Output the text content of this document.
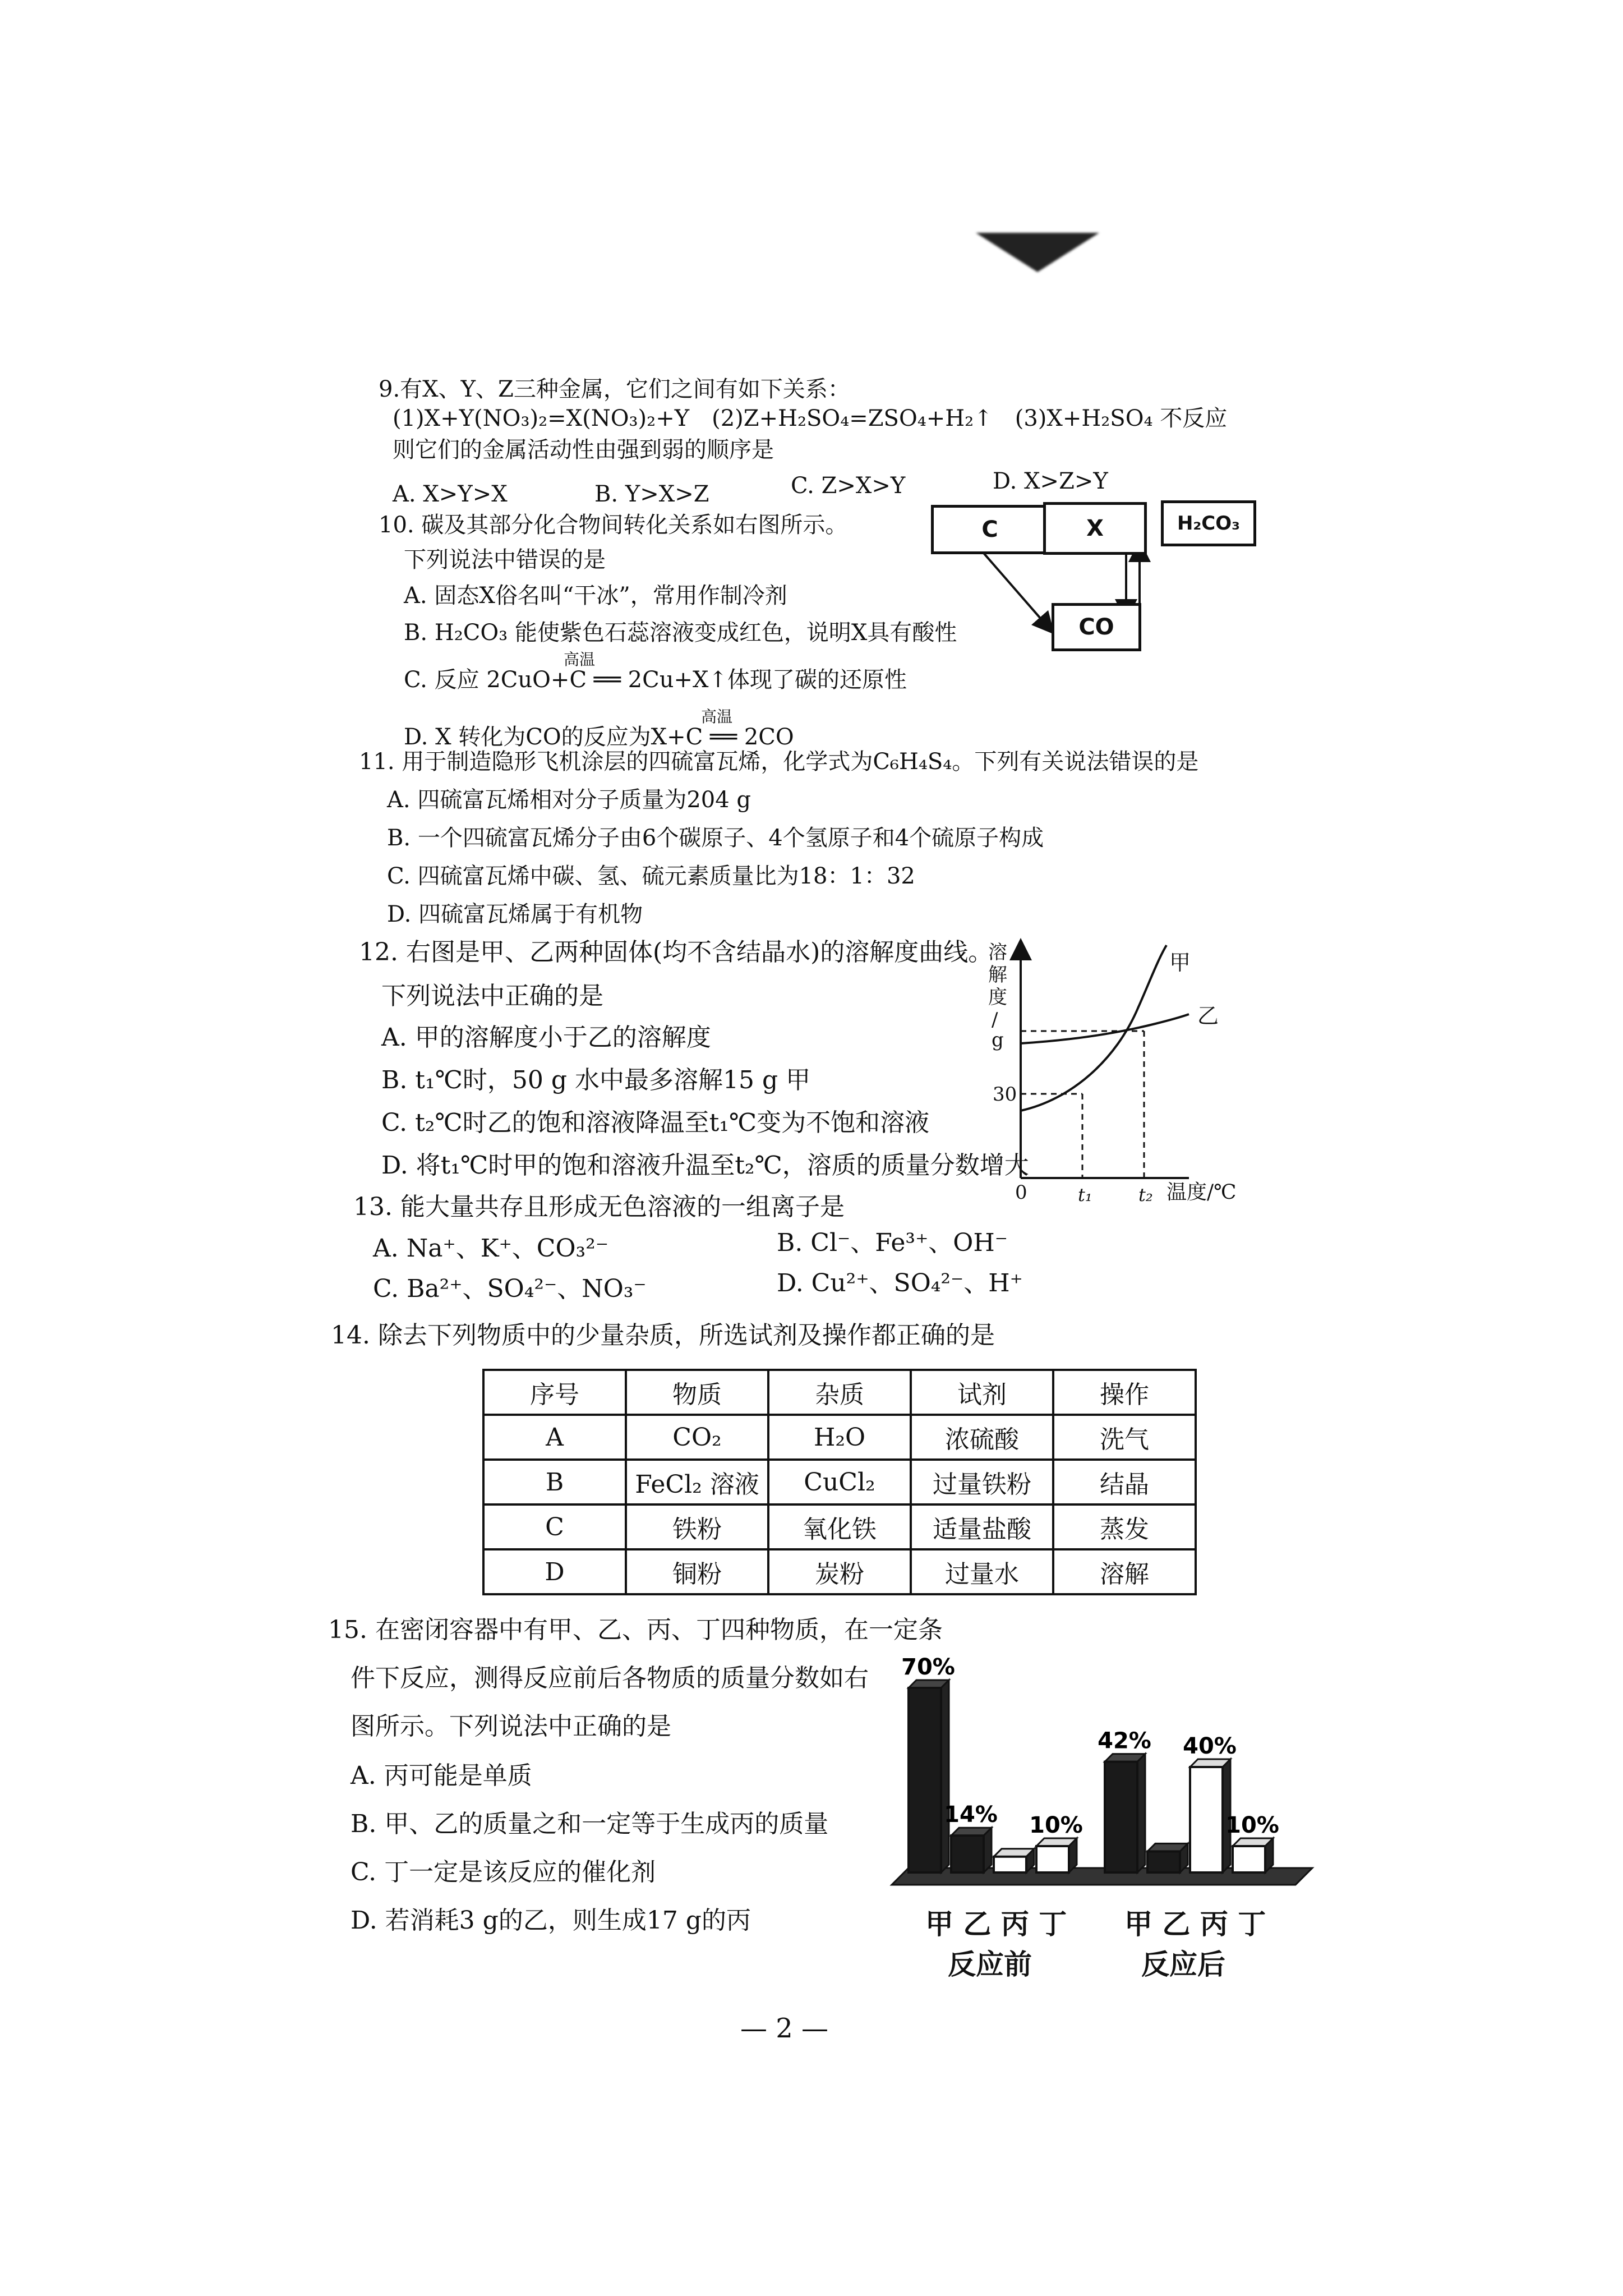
9.有X、Y、Z三种金属，它们之间有如下关系：
(1)X+Y(NO₃)₂=X(NO₃)₂+Y　(2)Z+H₂SO₄=ZSO₄+H₂↑　(3)X+H₂SO₄ 不反应
则它们的金属活动性由强到弱的顺序是
A. X>Y>X	B. Y>X>Z	C. Z>X>Y	D. X>Z>Y
10. 碳及其部分化合物间转化关系如右图所示。
下列说法中错误的是
A. 固态X俗名叫“干冰”，常用作制冷剂
B. H₂CO₃ 能使紫色石蕊溶液变成红色，说明X具有酸性
C. 反应 2CuO+C ══ 2Cu+X↑体现了碳的还原性
高温
D. X 转化为CO的反应为X+C ══ 2CO
高温
C	X	H₂CO₃
CO
11. 用于制造隐形飞机涂层的四硫富瓦烯，化学式为C₆H₄S₄。下列有关说法错误的是
A. 四硫富瓦烯相对分子质量为204 g
B. 一个四硫富瓦烯分子由6个碳原子、4个氢原子和4个硫原子构成
C. 四硫富瓦烯中碳、氢、硫元素质量比为18：1：32
D. 四硫富瓦烯属于有机物
12. 右图是甲、乙两种固体(均不含结晶水)的溶解度曲线。
下列说法中正确的是
A. 甲的溶解度小于乙的溶解度
B. t₁℃时，50 g 水中最多溶解15 g 甲
C. t₂℃时乙的饱和溶液降温至t₁℃变为不饱和溶液
D. 将t₁℃时甲的饱和溶液升温至t₂℃，溶质的质量分数增大
溶
解
度
/
g
30
0	t₁	t₂ 温度/℃
甲
乙
13. 能大量共存且形成无色溶液的一组离子是
A. Na⁺、K⁺、CO₃²⁻	B. Cl⁻、Fe³⁺、OH⁻
C. Ba²⁺、SO₄²⁻、NO₃⁻	D. Cu²⁺、SO₄²⁻、H⁺
14. 除去下列物质中的少量杂质，所选试剂及操作都正确的是
序号	物质	杂质	试剂	操作
A	CO₂	H₂O	浓硫酸	洗气
B	FeCl₂ 溶液	CuCl₂	过量铁粉	结晶
C	铁粉	氧化铁	适量盐酸	蒸发
D	铜粉	炭粉	过量水	溶解
15. 在密闭容器中有甲、乙、丙、丁四种物质，在一定条
件下反应，测得反应前后各物质的质量分数如右
图所示。下列说法中正确的是
A. 丙可能是单质
B. 甲、乙的质量之和一定等于生成丙的质量
C. 丁一定是该反应的催化剂
D. 若消耗3 g的乙，则生成17 g的丙
70%
14% 10%
42% 40%
10%
甲 乙 丙 丁 甲 乙 丙 丁
反应前	反应后
— 2 —
